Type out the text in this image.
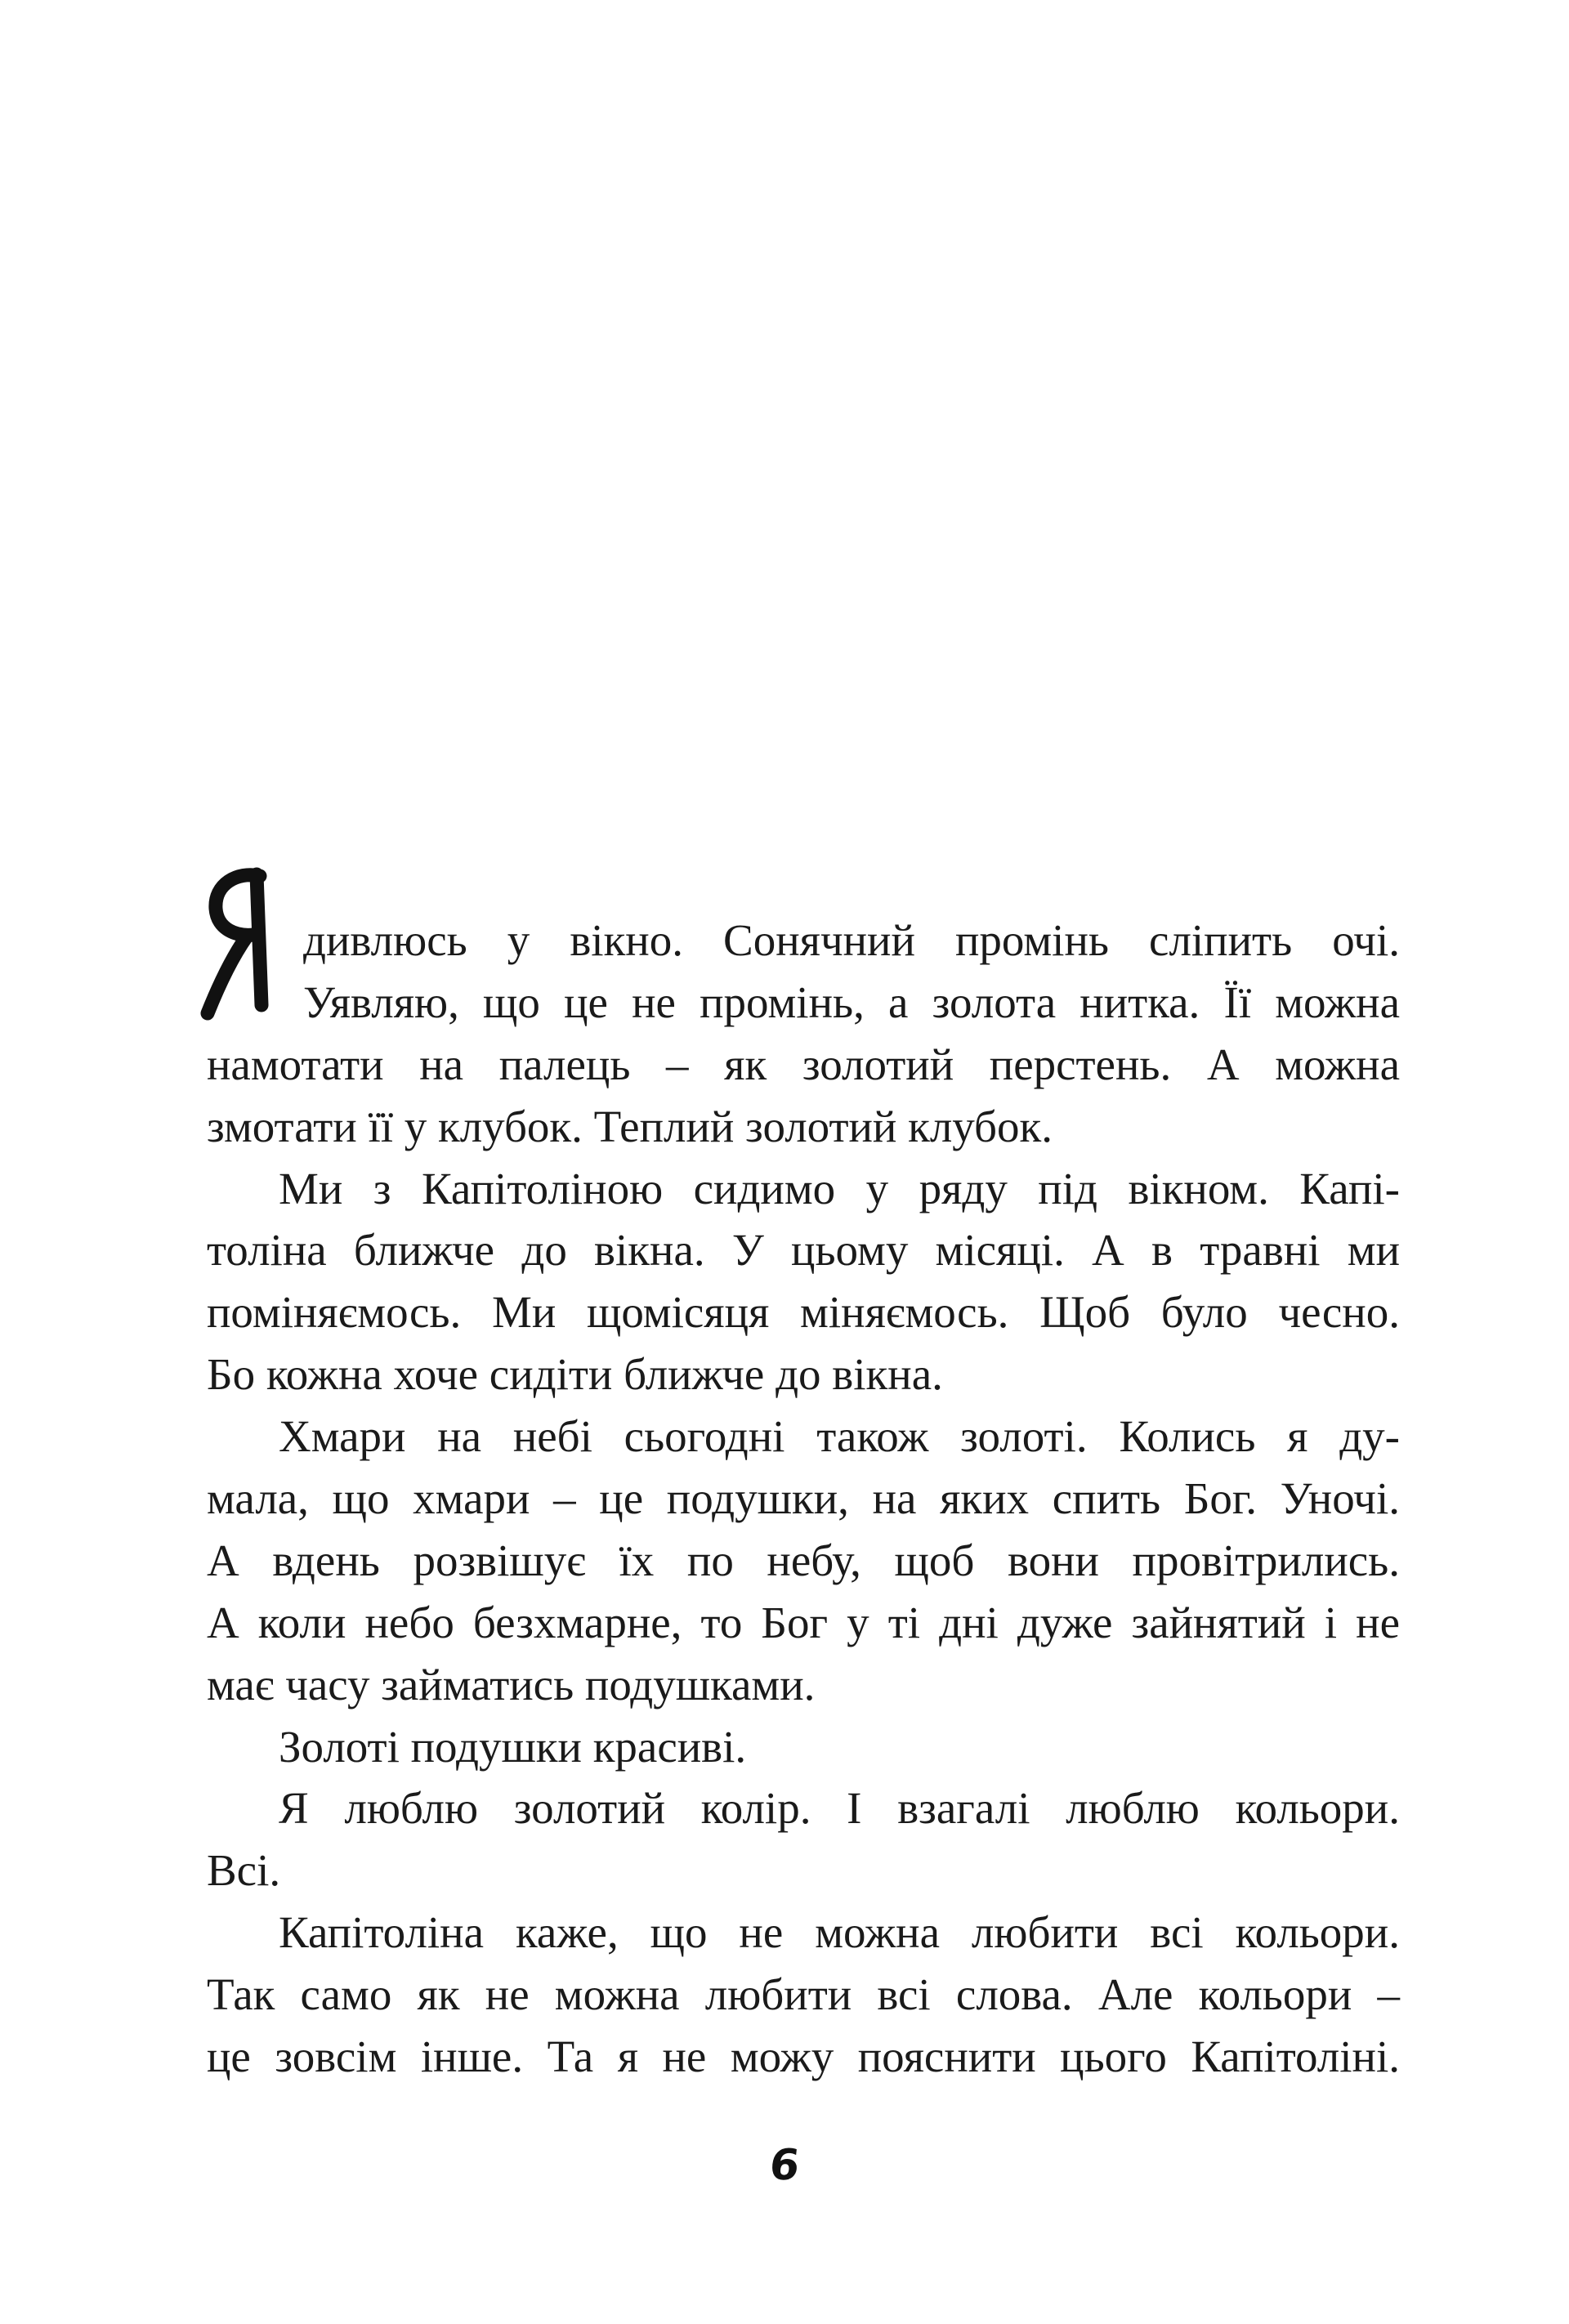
дивлюсь у вікно. Сонячний промінь сліпить очі.
Уявляю, що це не промінь, а золота нитка. Її можна
намотати на палець – як золотий перстень. А можна
змотати її у клубок. Теплий золотий клубок.
Ми з Капітоліною сидимо у ряду під вікном. Капі-
толіна ближче до вікна. У цьому місяці. А в травні ми
поміняємось. Ми щомісяця міняємось. Щоб було чесно.
Бо кожна хоче сидіти ближче до вікна.
Хмари на небі сьогодні також золоті. Колись я ду-
мала, що хмари – це подушки, на яких спить Бог. Уночі.
А вдень розвішує їх по небу, щоб вони провітрились.
А коли небо безхмарне, то Бог у ті дні дуже зайнятий і не
має часу займатись подушками.
Золоті подушки красиві.
Я люблю золотий колір. І взагалі люблю кольори.
Всі.
Капітоліна каже, що не можна любити всі кольори.
Так само як не можна любити всі слова. Але кольори –
це зовсім інше. Та я не можу пояснити цього Капітоліні.
6
